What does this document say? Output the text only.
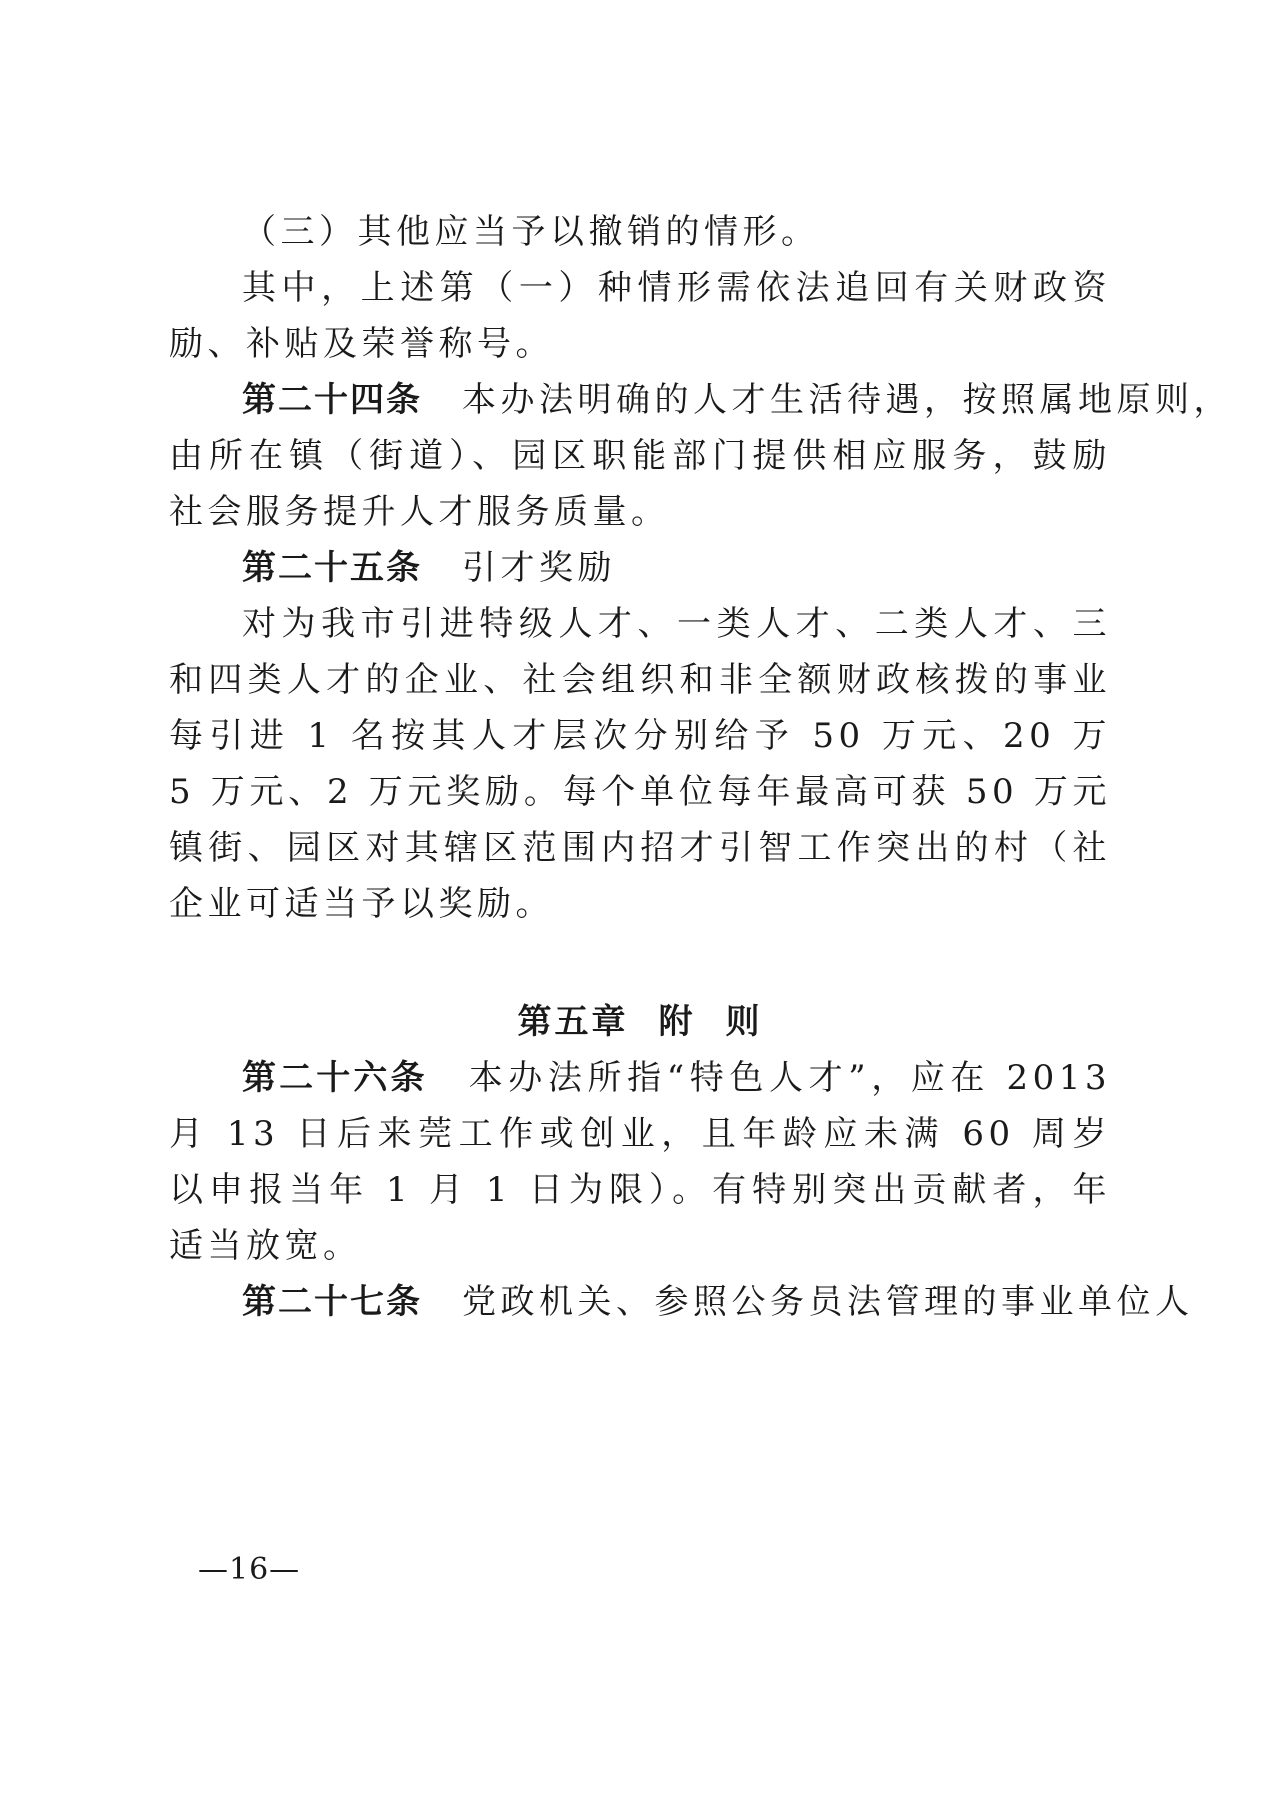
（三）其他应当予以撤销的情形。
其中，上述第（一）种情形需依法追回有关财政资
励、补贴及荣誉称号。
第二十四条 本办法明确的人才生活待遇，按照属地原则，
由所在镇（街道）、园区职能部门提供相应服务，鼓励
社会服务提升人才服务质量。
第二十五条 引才奖励
对为我市引进特级人才、一类人才、二类人才、三
和四类人才的企业、社会组织和非全额财政核拨的事业
每引进 1 名按其人才层次分别给予 50 万元、20 万
5 万元、2 万元奖励。每个单位每年最高可获 50 万元
镇街、园区对其辖区范围内招才引智工作突出的村（社
企业可适当予以奖励。
第五章 附 则
第二十六条 本办法所指“特色人才”，应在 2013
月 13 日后来莞工作或创业，且年龄应未满 60 周岁
以申报当年 1 月 1 日为限）。有特别突出贡献者，年
适当放宽。
第二十七条 党政机关、参照公务员法管理的事业单位人
—16—
